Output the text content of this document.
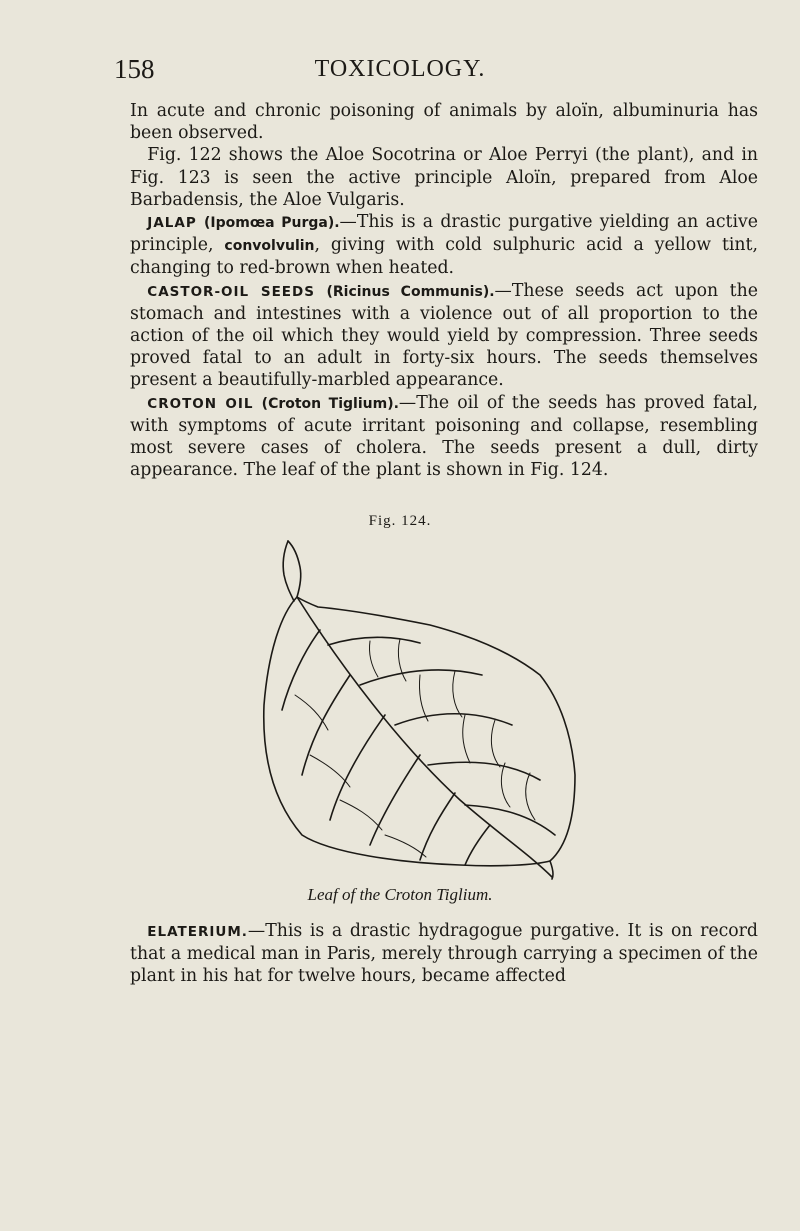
158	TOXICOLOGY.

In acute and chronic poisoning of animals by aloïn, albuminuria has been observed.

Fig. 122 shows the Aloe Socotrina or Aloe Perryi (the plant), and in Fig. 123 is seen the active principle Aloïn, prepared from Aloe Barbadensis, the Aloe Vulgaris.

JALAP (Ipomœa Purga).—This is a drastic purgative yielding an active principle, convolvulin, giving with cold sulphuric acid a yellow tint, changing to red-brown when heated.

CASTOR-OIL SEEDS (Ricinus Communis).—These seeds act upon the stomach and intestines with a violence out of all proportion to the action of the oil which they would yield by compression. Three seeds proved fatal to an adult in forty-six hours. The seeds themselves present a beautifully-marbled appearance.

CROTON OIL (Croton Tiglium).—The oil of the seeds has proved fatal, with symptoms of acute irritant poisoning and collapse, resembling most severe cases of cholera. The seeds present a dull, dirty appearance. The leaf of the plant is shown in Fig. 124.

Fig. 124.
Leaf of the Croton Tiglium.

ELATERIUM.—This is a drastic hydragogue purgative. It is on record that a medical man in Paris, merely through carrying a specimen of the plant in his hat for twelve hours, became affected
